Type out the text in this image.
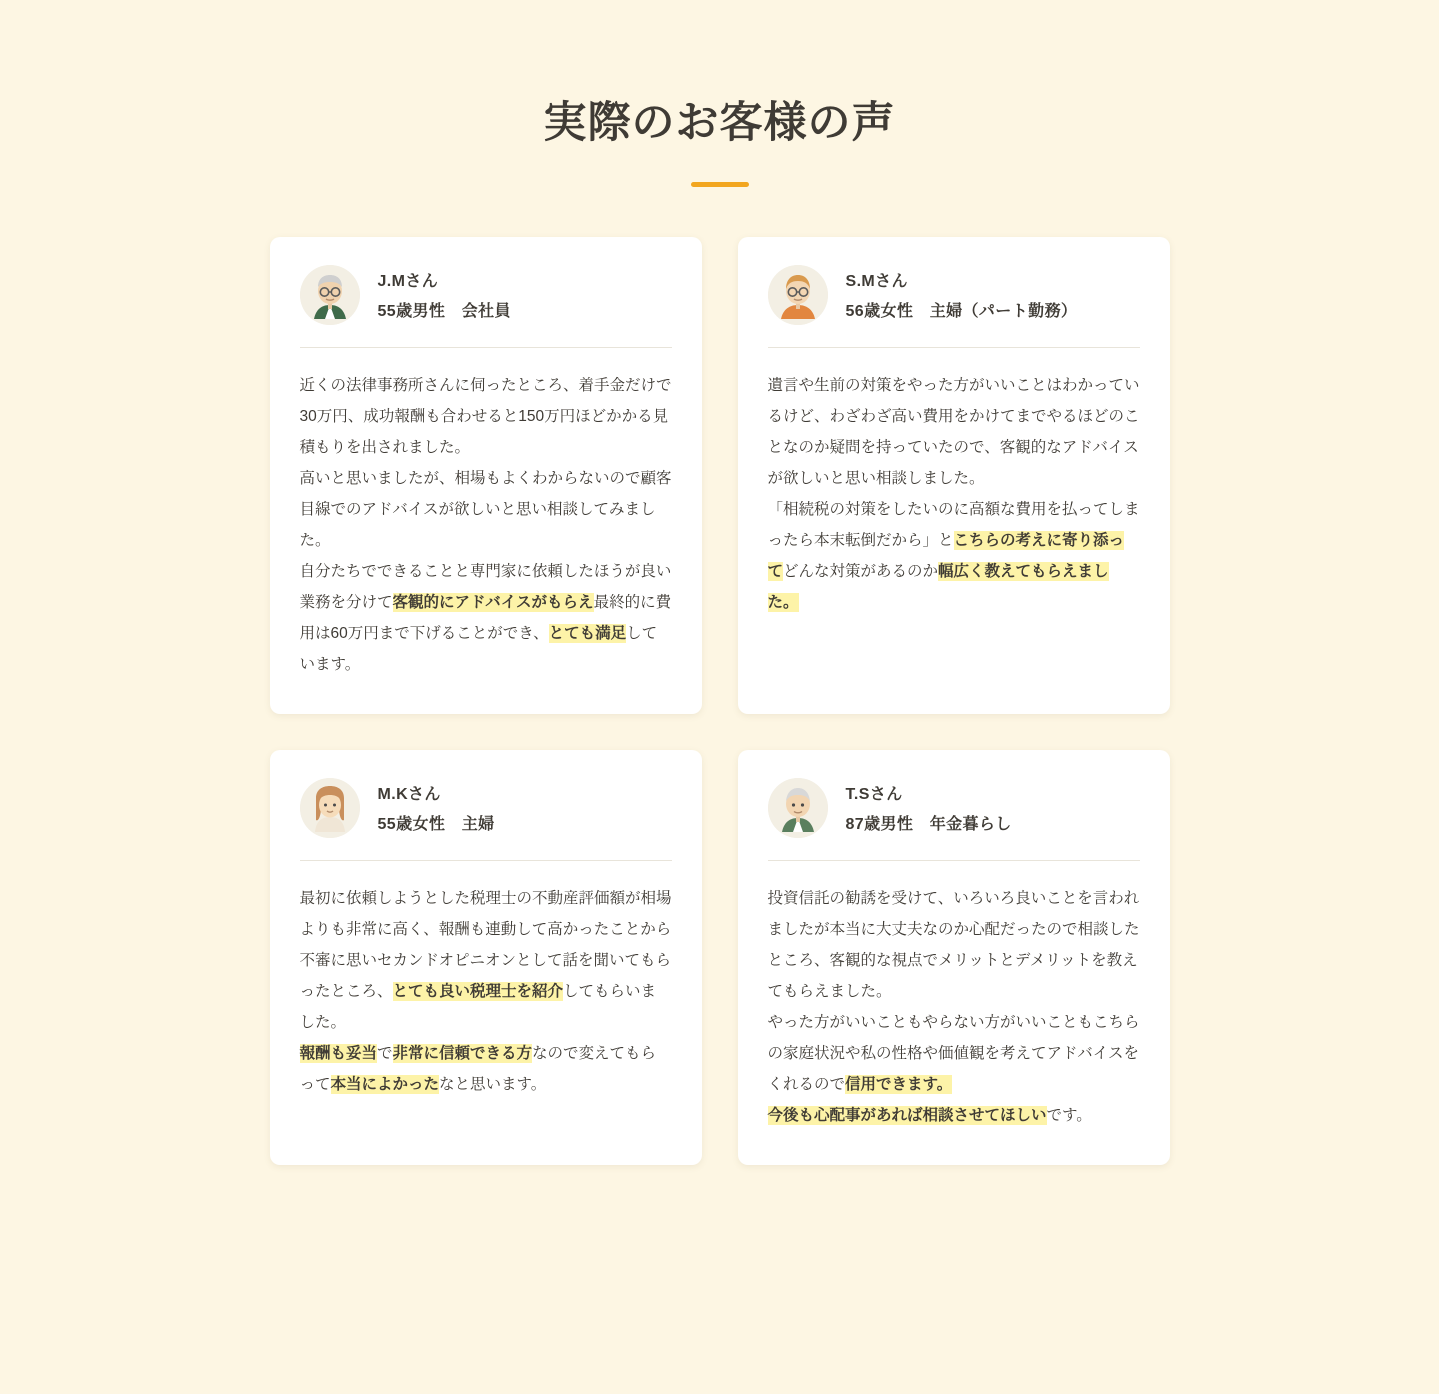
実際のお客様の声
J.Mさん
55歳男性　会社員

近くの法律事務所さんに伺ったところ、着手金だけで30万円、成功報酬も合わせると150万円ほどかかる見積もりを出されました。
高いと思いましたが、相場もよくわからないので顧客目線でのアドバイスが欲しいと思い相談してみました。
自分たちでできることと専門家に依頼したほうが良い業務を分けて客観的にアドバイスがもらえ最終的に費用は60万円まで下げることができ、とても満足しています。

S.Mさん
56歳女性　主婦（パート勤務）

遺言や生前の対策をやった方がいいことはわかっているけど、わざわざ高い費用をかけてまでやるほどのことなのか疑問を持っていたので、客観的なアドバイスが欲しいと思い相談しました。
「相続税の対策をしたいのに高額な費用を払ってしまったら本末転倒だから」とこちらの考えに寄り添ってどんな対策があるのか幅広く教えてもらえました。

M.Kさん
55歳女性　主婦

最初に依頼しようとした税理士の不動産評価額が相場よりも非常に高く、報酬も連動して高かったことから不審に思いセカンドオピニオンとして話を聞いてもらったところ、とても良い税理士を紹介してもらいました。
報酬も妥当で非常に信頼できる方なので変えてもらって本当によかったなと思います。

T.Sさん
87歳男性　年金暮らし

投資信託の勧誘を受けて、いろいろ良いことを言われましたが本当に大丈夫なのか心配だったので相談したところ、客観的な視点でメリットとデメリットを教えてもらえました。
やった方がいいこともやらない方がいいこともこちらの家庭状況や私の性格や価値観を考えてアドバイスをくれるので信用できます。
今後も心配事があれば相談させてほしいです。
